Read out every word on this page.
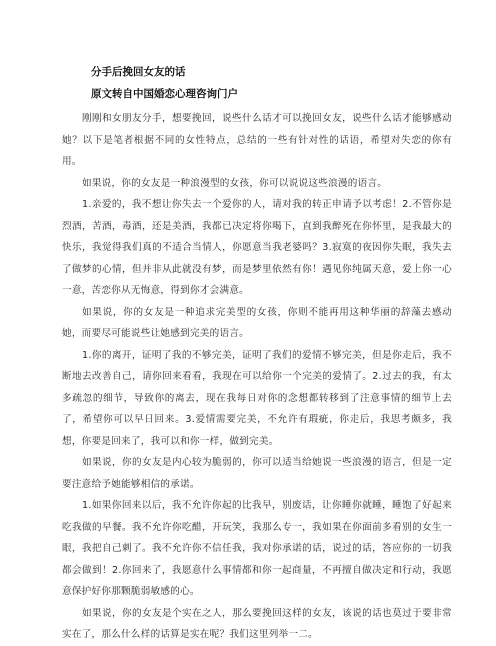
分手后挽回女友的话
原文转自中国婚恋心理咨询门户

刚刚和女朋友分手，想要挽回，说些什么话才可以挽回女友，说些什么话才能够感动她？以下是笔者根据不同的女性特点，总结的一些有针对性的话语，希望对失恋的你有用。

如果说，你的女友是一种浪漫型的女孩，你可以说说这些浪漫的语言。

1.亲爱的，我不想让你失去一个爱你的人，请对我的转正申请予以考虑！2.不管你是烈酒，苦酒，毒酒，还是美酒，我都已决定将你喝下，直到我醉死在你怀里，是我最大的快乐，我觉得我们真的不适合当情人，你愿意当我老婆吗？3.寂寞的夜因你失眠，我失去了做梦的心情，但并非从此就没有梦，而是梦里依然有你！遇见你纯属天意，爱上你一心一意，苦恋你从无悔意，得到你才会满意。

如果说，你的女友是一种追求完美型的女孩，你则不能再用这种华丽的辞藻去感动她，而要尽可能说些让她感到完美的语言。

1.你的离开，证明了我的不够完美，证明了我们的爱情不够完美，但是你走后，我不断地去改善自己，请你回来看看，我现在可以给你一个完美的爱情了。2.过去的我，有太多疏忽的细节，导致你的离去，现在我每日对你的念想都转移到了注意事情的细节上去了，希望你可以早日回来。3.爱情需要完美，不允许有瑕疵，你走后，我思考颇多，我想，你要是回来了，我可以和你一样，做到完美。

如果说，你的女友是内心较为脆弱的，你可以适当给她说一些浪漫的语言，但是一定要注意给予她能够相信的承诺。

1.如果你回来以后，我不允许你起的比我早，别废话，让你睡你就睡，睡饱了好起来吃我做的早餐。我不允许你吃醋，开玩笑，我那么专一，我如果在你面前多看别的女生一眼，我把自己刺了。我不允许你不信任我，我对你承诺的话，说过的话，答应你的一切我都会做到！2.你回来了，我愿意什么事情都和你一起商量，不再擅自做决定和行动，我愿意保护好你那颗脆弱敏感的心。

如果说，你的女友是个实在之人，那么要挽回这样的女友，该说的话也莫过于要非常实在了，那么什么样的话算是实在呢？我们这里列举一二。
